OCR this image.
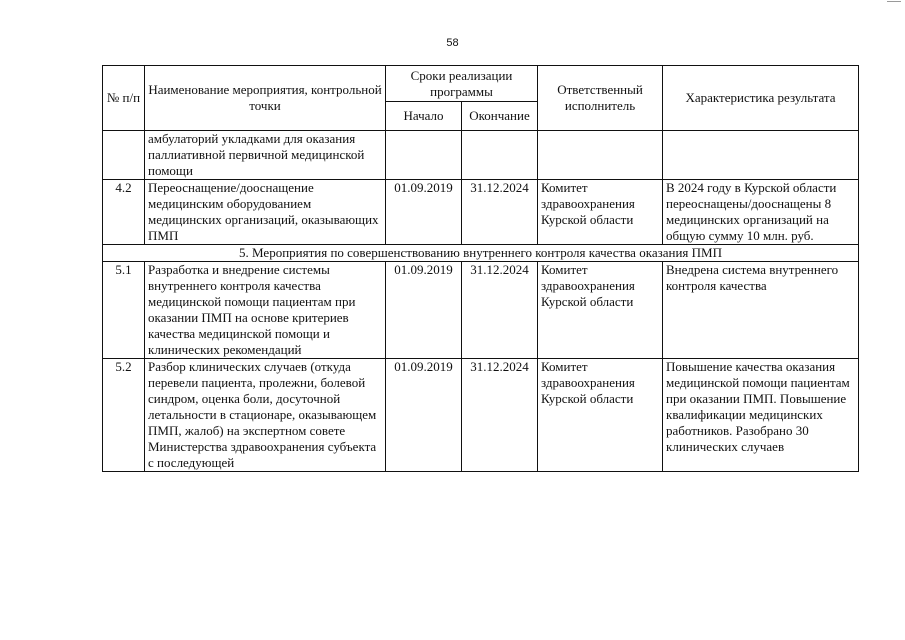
58
№ п/п	Наименование мероприятия, контрольной точки	Сроки реализации программы		Ответственный исполнитель	Характеристика результата
		Начало	Окончание		
	амбулаторий укладками для оказания паллиативной первичной медицинской помощи				
4.2	Переоснащение/дооснащение медицинским оборудованием медицинских организаций, оказывающих ПМП	01.09.2019	31.12.2024	Комитет здравоохранения Курской области	В 2024 году в Курской области переоснащены/дооснащены 8 медицинских организаций на общую сумму 10 млн. руб.
5. Мероприятия по совершенствованию внутреннего контроля качества оказания ПМП					
5.1	Разработка и внедрение системы внутреннего контроля качества медицинской помощи пациентам при оказании ПМП на основе критериев качества медицинской помощи и клинических рекомендаций	01.09.2019	31.12.2024	Комитет здравоохранения Курской области	Внедрена система внутреннего контроля качества
5.2	Разбор клинических случаев (откуда перевели пациента, пролежни, болевой синдром, оценка боли, досуточной летальности в стационаре, оказывающем ПМП, жалоб) на экспертном совете Министерства здравоохранения субъекта с последующей	01.09.2019	31.12.2024	Комитет здравоохранения Курской области	Повышение качества оказания медицинской помощи пациентам при оказании ПМП. Повышение квалификации медицинских работников. Разобрано 30 клинических случаев
